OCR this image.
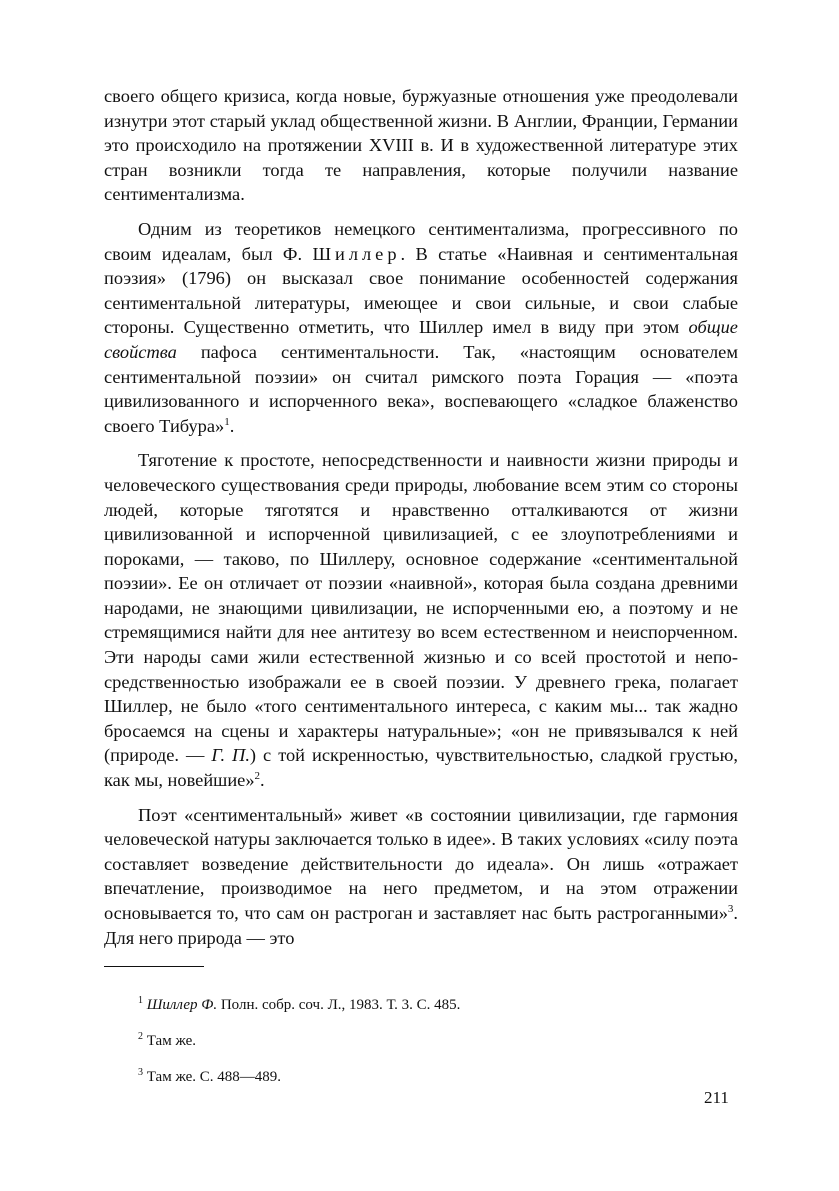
своего общего кризиса, когда новые, буржуазные отношения уже преодолевали изнутри этот старый уклад общественной жизни. В Англии, Франции, Германии это происходило на протяжении XVIII в. И в художественной литературе этих стран возникли тогда те направления, которые получили название сентиментализма.

Одним из теоретиков немецкого сентиментализма, прогрессивного по своим идеалам, был Ф. Шиллер. В статье «Наивная и сентиментальная поэзия» (1796) он высказал свое понимание особенностей содержания сентиментальной литературы, имеющее и свои сильные, и свои слабые стороны. Существенно отметить, что Шиллер имел в виду при этом общие свойства пафоса сентиментальности. Так, «настоящим основателем сентиментальной поэзии» он считал римского поэта Горация — «поэта цивилизованного и испорченного века», воспевающего «сладкое блаженство своего Тибура»$^1$.

Тяготение к простоте, непосредственности и наивности жизни природы и человеческого существования среди природы, любование всем этим со стороны людей, которые тяготятся и нравственно отталкиваются от жизни цивилизованной и испорченной цивилизацией, с ее злоупотреблениями и пороками, — таково, по Шиллеру, основное содержание «сентиментальной поэзии». Ее он отличает от поэзии «наивной», которая была создана древними народами, не знающими цивилизации, не испорченными ею, а поэтому и не стремящимися найти для нее антитезу во всем естественном и неиспорченном. Эти народы сами жили естественной жизнью и со всей простотой и непосредственностью изображали ее в своей поэзии. У древнего грека, полагает Шиллер, не было «того сентиментального интереса, с каким мы... так жадно бросаемся на сцены и характеры натуральные»; «он не привязывался к ней (природе. — Г. П.) с той искренностью, чувствительностью, сладкой грустью, как мы, новейшие»$^2$.

Поэт «сентиментальный» живет «в состоянии цивилизации, где гармония человеческой натуры заключается только в идее». В таких условиях «силу поэта составляет возведение действительности до идеала». Он лишь «отражает впечатление, производимое на него предметом, и на этом отражении основывается то, что сам он растроган и заставляет нас быть растроганными»$^3$. Для него природа — это

$^1$ Шиллер Ф. Полн. собр. соч. Л., 1983. Т. 3. С. 485.

$^2$ Там же.

$^3$ Там же. С. 488—489.

211
